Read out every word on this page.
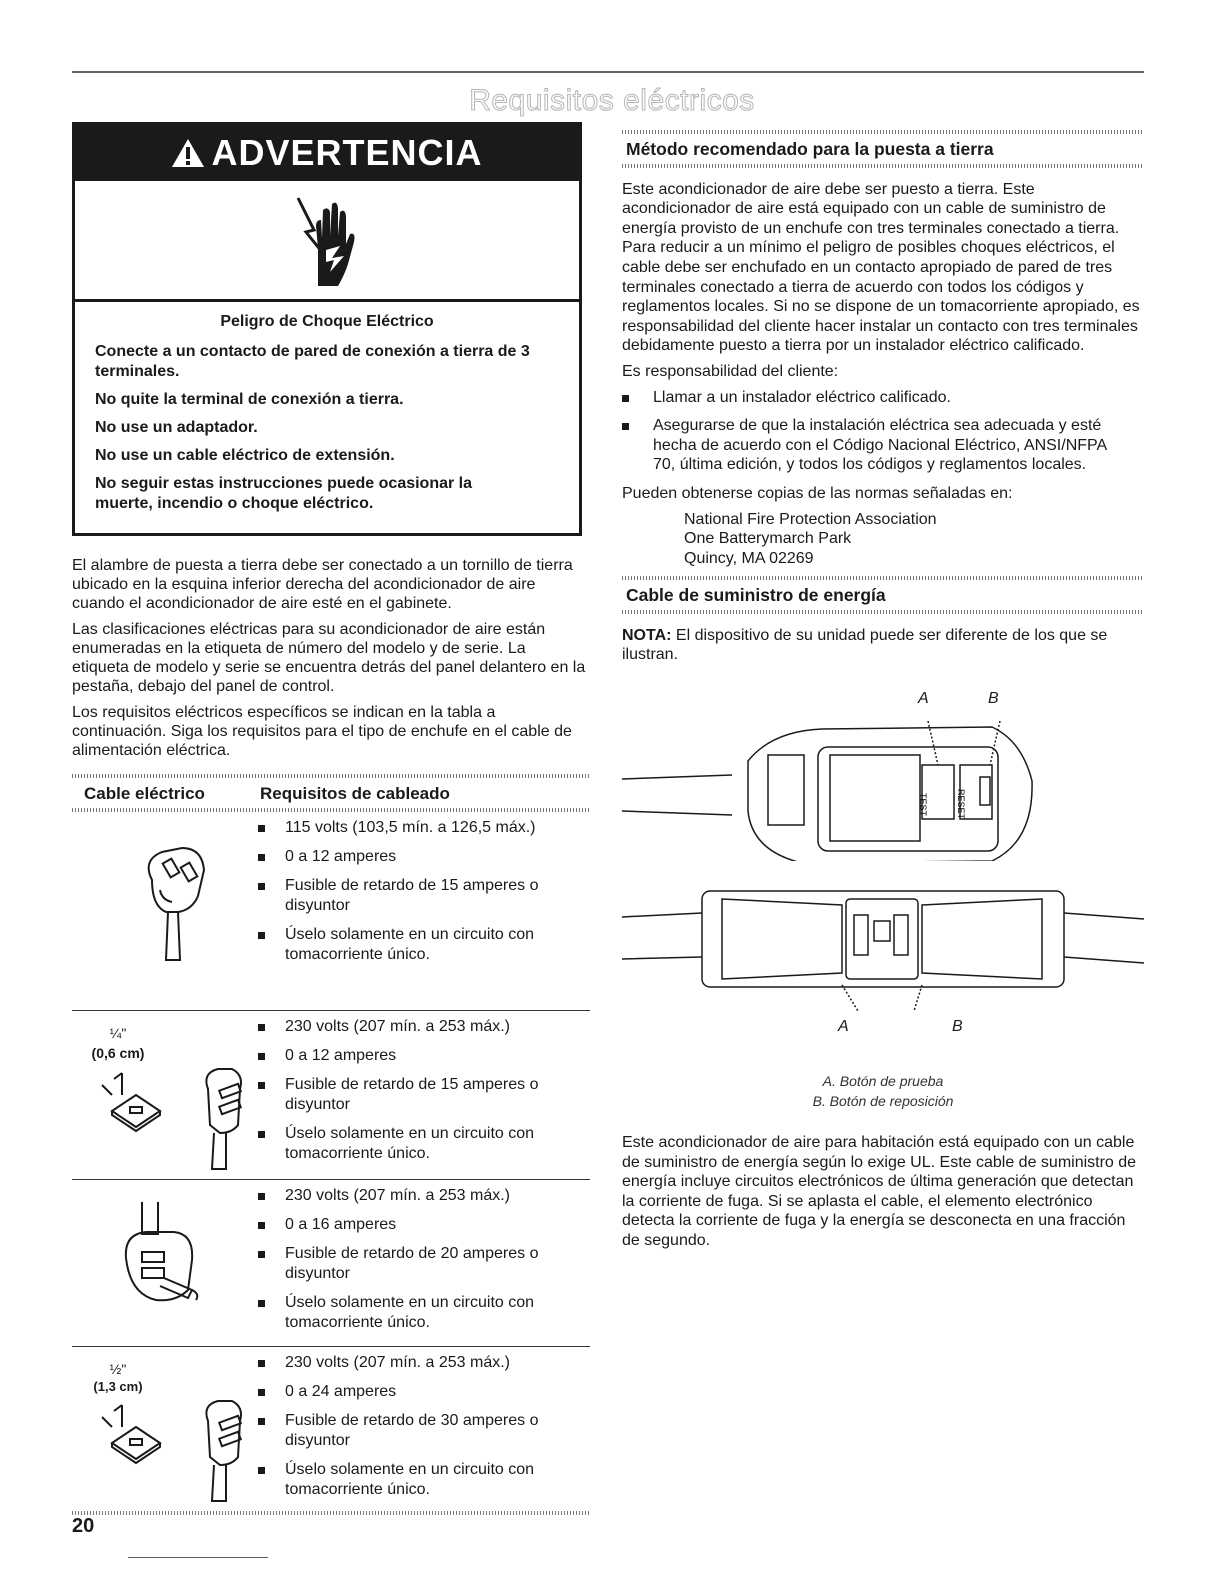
Requisitos eléctricos
ADVERTENCIA
Peligro de Choque Eléctrico

Conecte a un contacto de pared de conexión a tierra de 3 terminales.

No quite la terminal de conexión a tierra.

No use un adaptador.

No use un cable eléctrico de extensión.

No seguir estas instrucciones puede ocasionar la muerte, incendio o choque eléctrico.

El alambre de puesta a tierra debe ser conectado a un tornillo de tierra ubicado en la esquina inferior derecha del acondicionador de aire cuando el acondicionador de aire esté en el gabinete.

Las clasificaciones eléctricas para su acondicionador de aire están enumeradas en la etiqueta de número del modelo y de serie. La etiqueta de modelo y serie se encuentra detrás del panel delantero en la pestaña, debajo del panel de control.

Los requisitos eléctricos específicos se indican en la tabla a continuación. Siga los requisitos para el tipo de enchufe en el cable de alimentación eléctrica.

Cable eléctrico	Requisitos de cableado
115 volts (103,5 mín. a 126,5 máx.)
0 a 12 amperes
Fusible de retardo de 15 amperes o disyuntor
Úselo solamente en un circuito con tomacorriente único.
¼"
(0,6 cm)
230 volts (207 mín. a 253 máx.)
0 a 12 amperes
Fusible de retardo de 15 amperes o disyuntor
Úselo solamente en un circuito con tomacorriente único.
230 volts (207 mín. a 253 máx.)
0 a 16 amperes
Fusible de retardo de 20 amperes o disyuntor
Úselo solamente en un circuito con tomacorriente único.
½"
(1,3 cm)
230 volts (207 mín. a 253 máx.)
0 a 24 amperes
Fusible de retardo de 30 amperes o disyuntor
Úselo solamente en un circuito con tomacorriente único.
Método recomendado para la puesta a tierra

Este acondicionador de aire debe ser puesto a tierra. Este acondicionador de aire está equipado con un cable de suministro de energía provisto de un enchufe con tres terminales conectado a tierra. Para reducir a un mínimo el peligro de posibles choques eléctricos, el cable debe ser enchufado en un contacto apropiado de pared de tres terminales conectado a tierra de acuerdo con todos los códigos y reglamentos locales. Si no se dispone de un tomacorriente apropiado, es responsabilidad del cliente hacer instalar un contacto con tres terminales debidamente puesto a tierra por un instalador eléctrico calificado.

Es responsabilidad del cliente:

Llamar a un instalador eléctrico calificado.
Asegurarse de que la instalación eléctrica sea adecuada y esté hecha de acuerdo con el Código Nacional Eléctrico, ANSI/NFPA 70, última edición, y todos los códigos y reglamentos locales.

Pueden obtenerse copias de las normas señaladas en:

National Fire Protection Association
One Batterymarch Park
Quincy, MA 02269
Cable de suministro de energía

NOTA: El dispositivo de su unidad puede ser diferente de los que se ilustran.

A	B
TEST	RESET
A	B
A. Botón de prueba
B. Botón de reposición

Este acondicionador de aire para habitación está equipado con un cable de suministro de energía según lo exige UL. Este cable de suministro de energía incluye circuitos electrónicos de última generación que detectan la corriente de fuga. Si se aplasta el cable, el elemento electrónico detecta la corriente de fuga y la energía se desconecta en una fracción de segundo.

20
